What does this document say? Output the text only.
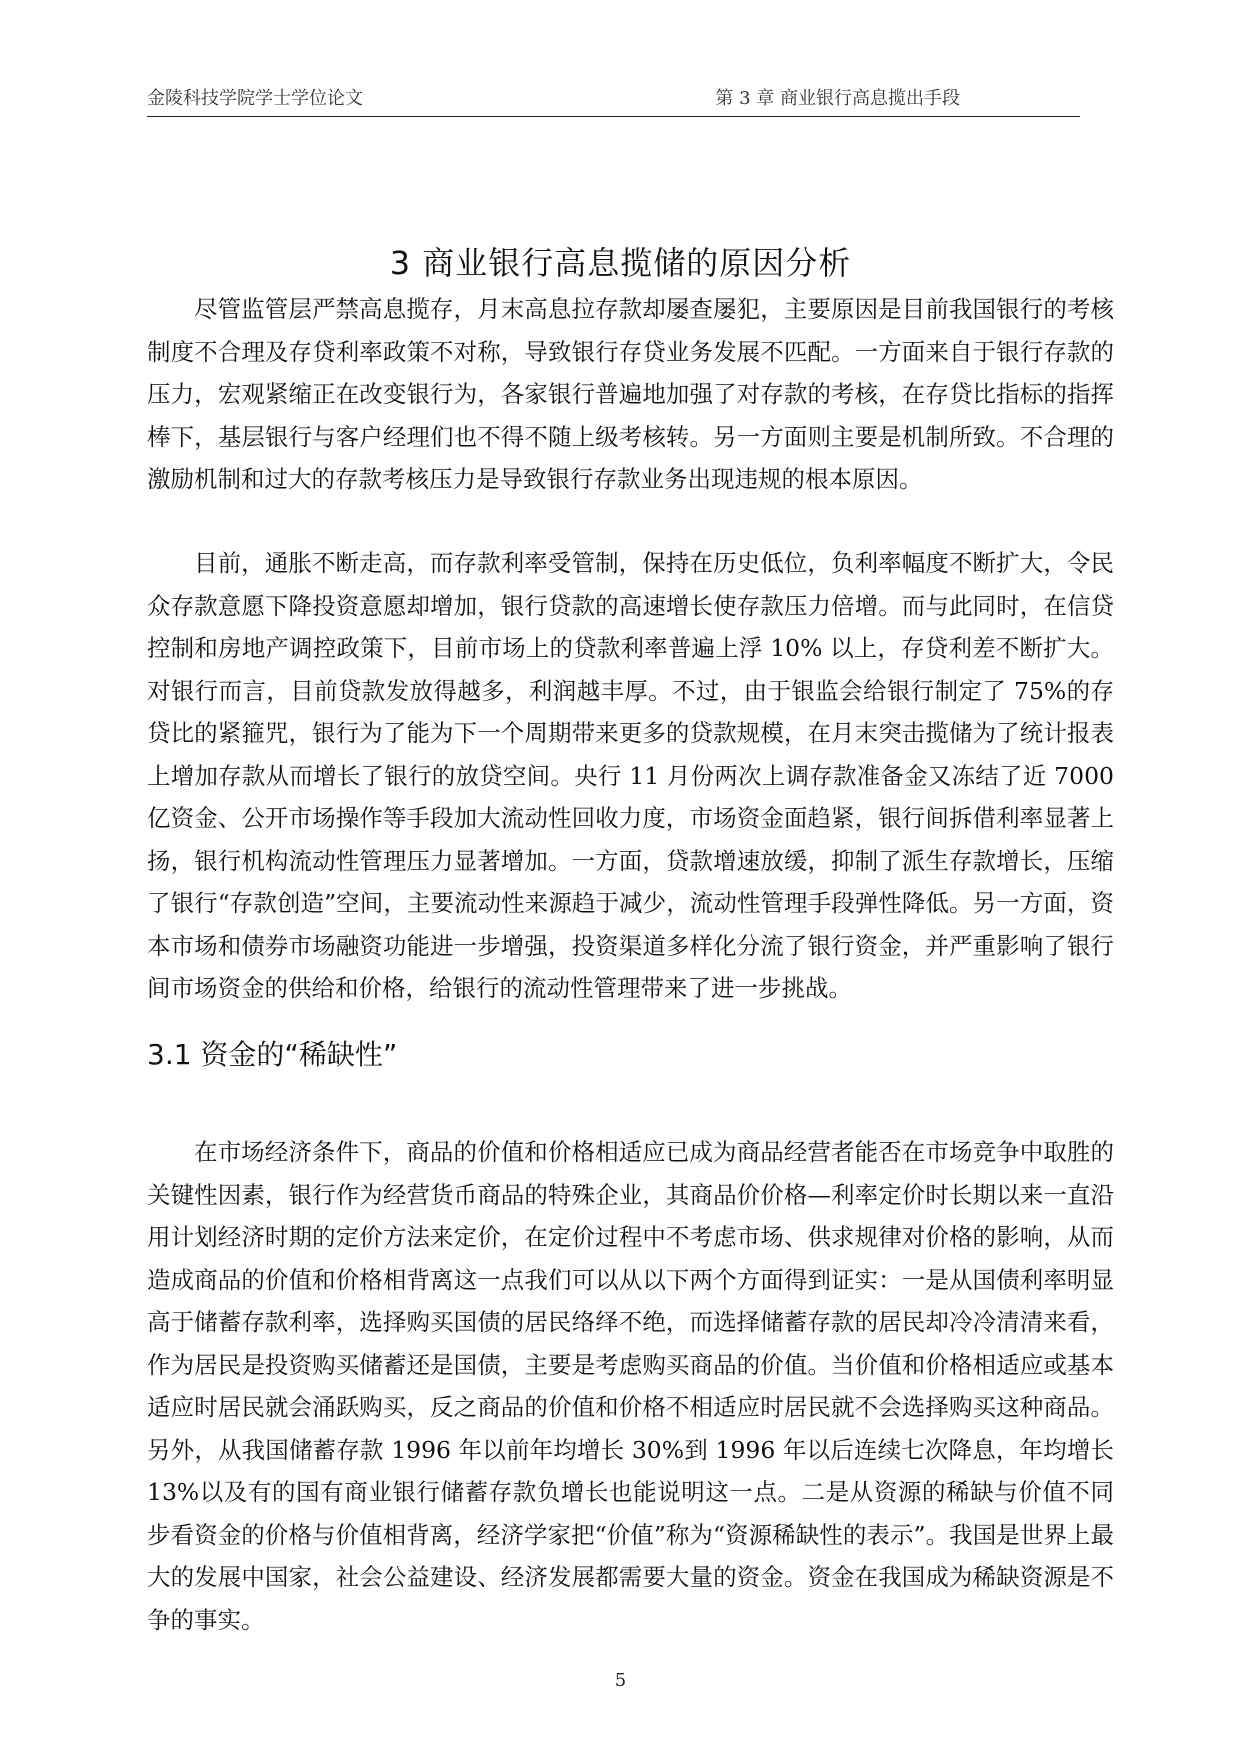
金陵科技学院学士学位论文	第 3 章 商业银行高息揽出手段
3 商业银行高息揽储的原因分析

尽管监管层严禁高息揽存，月末高息拉存款却屡查屡犯，主要原因是目前我国银行的考核制度不合理及存贷利率政策不对称，导致银行存贷业务发展不匹配。一方面来自于银行存款的压力，宏观紧缩正在改变银行为，各家银行普遍地加强了对存款的考核，在存贷比指标的指挥棒下，基层银行与客户经理们也不得不随上级考核转。另一方面则主要是机制所致。不合理的激励机制和过大的存款考核压力是导致银行存款业务出现违规的根本原因。

目前，通胀不断走高，而存款利率受管制，保持在历史低位，负利率幅度不断扩大，令民众存款意愿下降投资意愿却增加，银行贷款的高速增长使存款压力倍增。而与此同时，在信贷控制和房地产调控政策下，目前市场上的贷款利率普遍上浮 10% 以上，存贷利差不断扩大。对银行而言，目前贷款发放得越多，利润越丰厚。不过，由于银监会给银行制定了 75%的存贷比的紧箍咒，银行为了能为下一个周期带来更多的贷款规模，在月末突击揽储为了统计报表上增加存款从而增长了银行的放贷空间。央行 11 月份两次上调存款准备金又冻结了近 7000 亿资金、公开市场操作等手段加大流动性回收力度，市场资金面趋紧，银行间拆借利率显著上扬，银行机构流动性管理压力显著增加。一方面，贷款增速放缓，抑制了派生存款增长，压缩了银行“存款创造”空间，主要流动性来源趋于减少，流动性管理手段弹性降低。另一方面，资本市场和债券市场融资功能进一步增强，投资渠道多样化分流了银行资金，并严重影响了银行间市场资金的供给和价格，给银行的流动性管理带来了进一步挑战。

3.1 资金的“稀缺性”

在市场经济条件下，商品的价值和价格相适应已成为商品经营者能否在市场竞争中取胜的关键性因素，银行作为经营货币商品的特殊企业，其商品价价格—利率定价时长期以来一直沿用计划经济时期的定价方法来定价，在定价过程中不考虑市场、供求规律对价格的影响，从而造成商品的价值和价格相背离这一点我们可以从以下两个方面得到证实：一是从国债利率明显高于储蓄存款利率，选择购买国债的居民络绎不绝，而选择储蓄存款的居民却冷冷清清来看，作为居民是投资购买储蓄还是国债，主要是考虑购买商品的价值。当价值和价格相适应或基本适应时居民就会涌跃购买，反之商品的价值和价格不相适应时居民就不会选择购买这种商品。另外，从我国储蓄存款 1996 年以前年均增长 30%到 1996 年以后连续七次降息，年均增长 13%以及有的国有商业银行储蓄存款负增长也能说明这一点。二是从资源的稀缺与价值不同步看资金的价格与价值相背离，经济学家把“价值”称为“资源稀缺性的表示”。我国是世界上最大的发展中国家，社会公益建设、经济发展都需要大量的资金。资金在我国成为稀缺资源是不争的事实。

5
